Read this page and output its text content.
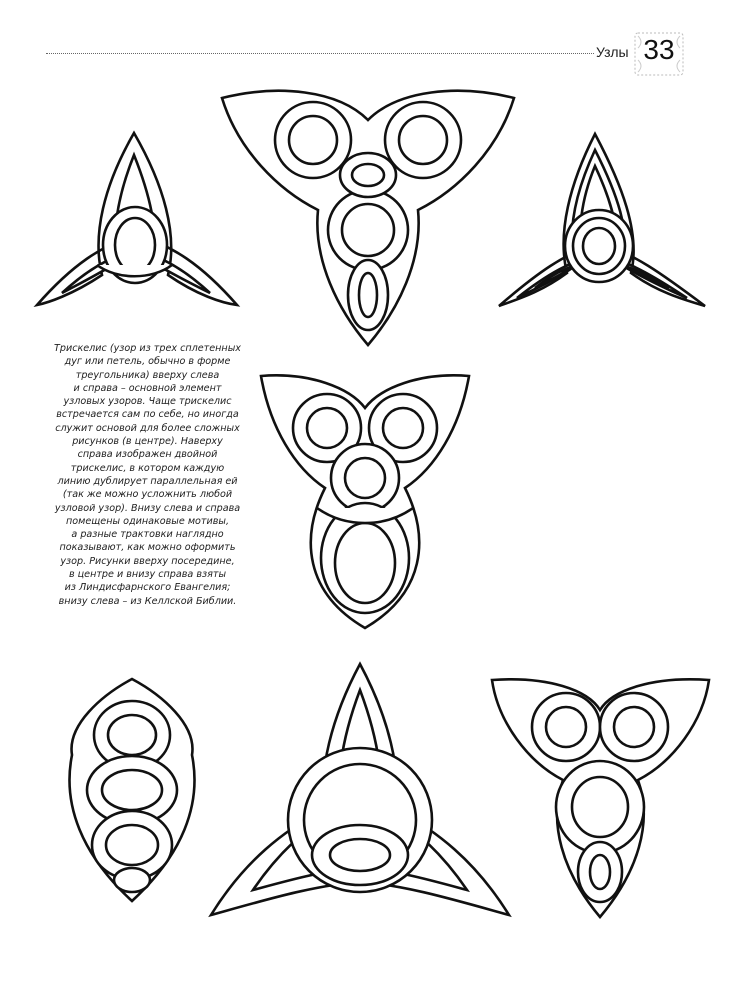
Узлы 33
Трискелис (узор из трех сплетенных
дуг или петель, обычно в форме
треугольника) вверху слева
и справа – основной элемент
узловых узоров. Чаще трискелис
встречается сам по себе, но иногда
служит основой для более сложных
рисунков (в центре). Наверху
справа изображен двойной
трискелис, в котором каждую
линию дублирует параллельная ей
(так же можно усложнить любой
узловой узор). Внизу слева и справа
помещены одинаковые мотивы,
а разные трактовки наглядно
показывают, как можно оформить
узор. Рисунки вверху посередине,
в центре и внизу справа взяты
из Линдисфарнского Евангелия;
внизу слева – из Келлской Библии.
